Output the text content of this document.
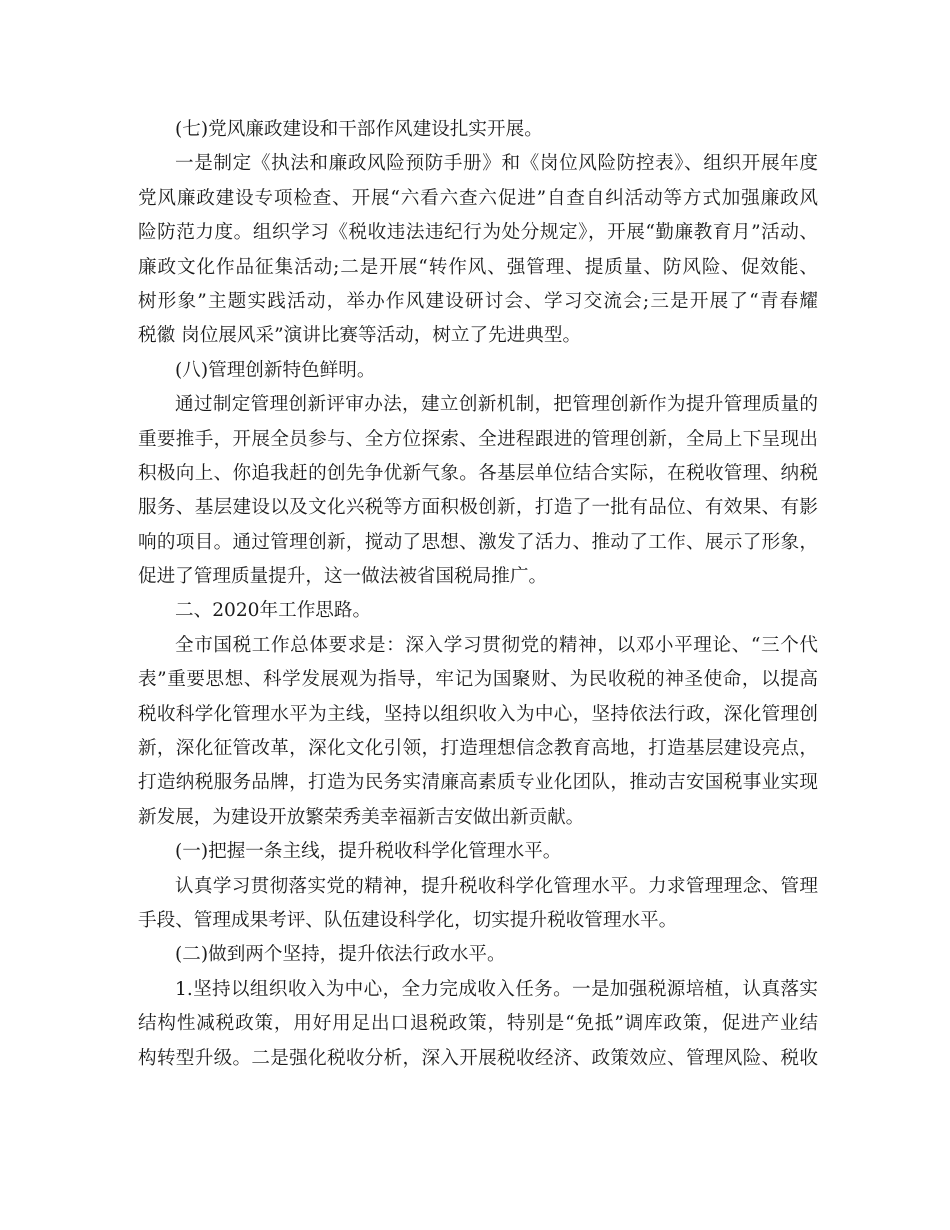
(七)党风廉政建设和干部作风建设扎实开展。
一是制定《执法和廉政风险预防手册》和《岗位风险防控表》、组织开展年度
党风廉政建设专项检查、开展“六看六查六促进”自查自纠活动等方式加强廉政风
险防范力度。组织学习《税收违法违纪行为处分规定》，开展“勤廉教育月”活动、
廉政文化作品征集活动;二是开展“转作风、强管理、提质量、防风险、促效能、
树形象”主题实践活动，举办作风建设研讨会、学习交流会;三是开展了“青春耀
税徽 岗位展风采”演讲比赛等活动，树立了先进典型。
(八)管理创新特色鲜明。
通过制定管理创新评审办法，建立创新机制，把管理创新作为提升管理质量的
重要推手，开展全员参与、全方位探索、全进程跟进的管理创新，全局上下呈现出
积极向上、你追我赶的创先争优新气象。各基层单位结合实际，在税收管理、纳税
服务、基层建设以及文化兴税等方面积极创新，打造了一批有品位、有效果、有影
响的项目。通过管理创新，搅动了思想、激发了活力、推动了工作、展示了形象，
促进了管理质量提升，这一做法被省国税局推广。
二、2020年工作思路。
全市国税工作总体要求是：深入学习贯彻党的精神，以邓小平理论、“三个代
表”重要思想、科学发展观为指导，牢记为国聚财、为民收税的神圣使命，以提高
税收科学化管理水平为主线，坚持以组织收入为中心，坚持依法行政，深化管理创
新，深化征管改革，深化文化引领，打造理想信念教育高地，打造基层建设亮点，
打造纳税服务品牌，打造为民务实清廉高素质专业化团队，推动吉安国税事业实现
新发展，为建设开放繁荣秀美幸福新吉安做出新贡献。
(一)把握一条主线，提升税收科学化管理水平。
认真学习贯彻落实党的精神，提升税收科学化管理水平。力求管理理念、管理
手段、管理成果考评、队伍建设科学化，切实提升税收管理水平。
(二)做到两个坚持，提升依法行政水平。
1.坚持以组织收入为中心，全力完成收入任务。一是加强税源培植，认真落实
结构性减税政策，用好用足出口退税政策，特别是“免抵”调库政策，促进产业结
构转型升级。二是强化税收分析，深入开展税收经济、政策效应、管理风险、税收
